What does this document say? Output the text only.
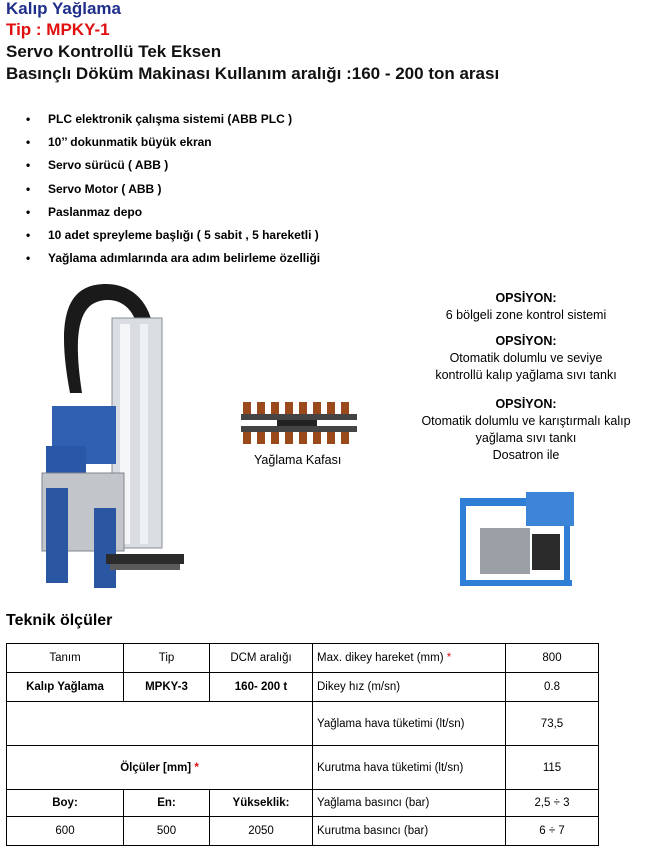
Kalıp Yağlama
Tip : MPKY-1
Servo Kontrollü Tek Eksen
Basınçlı Döküm Makinası Kullanım aralığı :160 - 200 ton arası
• PLC elektronik çalışma sistemi (ABB PLC )
• 10’’ dokunmatik büyük ekran
• Servo sürücü ( ABB )
• Servo Motor ( ABB )
• Paslanmaz depo
• 10 adet spreyleme başlığı ( 5 sabit , 5 hareketli )
• Yağlama adımlarında ara adım belirleme özelliği
Yağlama Kafası
OPSİYON:
6 bölgeli zone kontrol sistemi
OPSİYON:
Otomatik dolumlu ve seviye
kontrollü kalıp yağlama sıvı tankı
OPSİYON:
Otomatik dolumlu ve karıştırmalı kalıp
yağlama sıvı tankı
Dosatron ile
Teknik ölçüler
Tanım	Tip	DCM aralığı	Max. dikey hareket (mm) *	800
Kalıp Yağlama	MPKY-3	160- 200 t	Dikey hız (m/sn)	0.8
			Yağlama hava tüketimi (lt/sn)	73,5
Ölçüler [mm] *			Kurutma hava tüketimi (lt/sn)	115
Boy:	En:	Yükseklik:	Yağlama basıncı (bar)	2,5 ÷ 3
600	500	2050	Kurutma basıncı (bar)	6 ÷ 7
